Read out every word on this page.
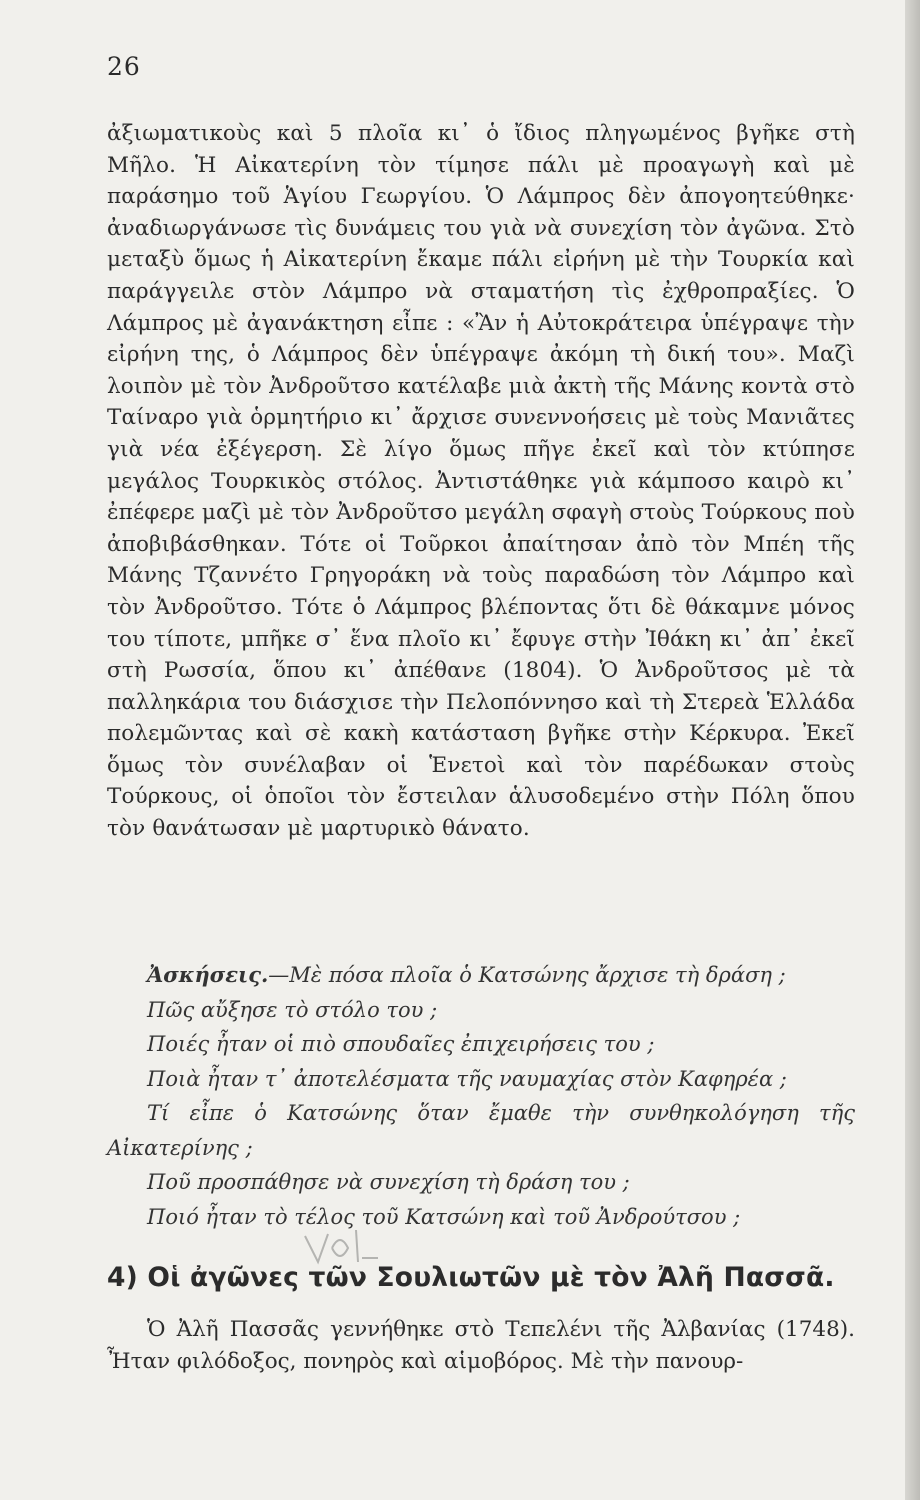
26

ἀξιωματικοὺς καὶ 5 πλοῖα κι᾿ ὁ ἴδιος πληγωμένος βγῆκε στὴ Μῆλο. Ἡ Αἰκατερίνη τὸν τίμησε πάλι μὲ προαγωγὴ καὶ μὲ παράσημο τοῦ Ἁγίου Γεωργίου. Ὁ Λάμπρος δὲν ἀπογοητεύθηκε· ἀναδιωργάνωσε τὶς δυνάμεις του γιὰ νὰ συνεχίση τὸν ἀγῶνα. Στὸ μεταξὺ ὅμως ἡ Αἰκατερίνη ἔκαμε πάλι εἰρήνη μὲ τὴν Τουρκία καὶ παράγγειλε στὸν Λάμπρο νὰ σταματήση τὶς ἐχθροπραξίες. Ὁ Λάμπρος μὲ ἀγανάκτηση εἶπε : «Ἂν ἡ Αὐτοκράτειρα ὑπέγραψε τὴν εἰρήνη της, ὁ Λάμπρος δὲν ὑπέγραψε ἀκόμη τὴ δική του». Μαζὶ λοιπὸν μὲ τὸν Ἀνδροῦτσο κατέλαβε μιὰ ἀκτὴ τῆς Μάνης κοντὰ στὸ Ταίναρο γιὰ ὁρμητήριο κι᾿ ἄρχισε συνεννοήσεις μὲ τοὺς Μανιᾶτες γιὰ νέα ἐξέγερση. Σὲ λίγο ὅμως πῆγε ἐκεῖ καὶ τὸν κτύπησε μεγάλος Τουρκικὸς στόλος. Ἀντιστάθηκε γιὰ κάμποσο καιρὸ κι᾿ ἐπέφερε μαζὶ μὲ τὸν Ἀνδροῦτσο μεγάλη σφαγὴ στοὺς Τούρκους ποὺ ἀποβιβάσθηκαν. Τότε οἱ Τοῦρκοι ἀπαίτησαν ἀπὸ τὸν Μπέη τῆς Μάνης Τζαννέτο Γρηγοράκη νὰ τοὺς παραδώση τὸν Λάμπρο καὶ τὸν Ἀνδροῦτσο. Τότε ὁ Λάμπρος βλέποντας ὅτι δὲ θάκαμνε μόνος του τίποτε, μπῆκε σ᾿ ἕνα πλοῖο κι᾿ ἔφυγε στὴν Ἰθάκη κι᾿ ἀπ᾿ ἐκεῖ στὴ Ρωσσία, ὅπου κι᾿ ἀπέθανε (1804). Ὁ Ἀνδροῦτσος μὲ τὰ παλληκάρια του διάσχισε τὴν Πελοπόννησο καὶ τὴ Στερεὰ Ἑλλάδα πολεμῶντας καὶ σὲ κακὴ κατάσταση βγῆκε στὴν Κέρκυρα. Ἐκεῖ ὅμως τὸν συνέλαβαν οἱ Ἑνετοὶ καὶ τὸν παρέδωκαν στοὺς Τούρκους, οἱ ὁποῖοι τὸν ἔστειλαν ἁλυσοδεμένο στὴν Πόλη ὅπου τὸν θανάτωσαν μὲ μαρτυρικὸ θάνατο.

Ἀσκήσεις.—Μὲ πόσα πλοῖα ὁ Κατσώνης ἄρχισε τὴ δράση ;

Πῶς αὔξησε τὸ στόλο του ;

Ποιές ἦταν οἱ πιὸ σπουδαῖες ἐπιχειρήσεις του ;

Ποιὰ ἦταν τ᾿ ἀποτελέσματα τῆς ναυμαχίας στὸν Καφηρέα ;

Τί εἶπε ὁ Κατσώνης ὅταν ἔμαθε τὴν συνθηκολόγηση τῆς Αἰκατερίνης ;

Ποῦ προσπάθησε νὰ συνεχίση τὴ δράση του ;

Ποιό ἦταν τὸ τέλος τοῦ Κατσώνη καὶ τοῦ Ἀνδρούτσου ;

4) Οἱ ἀγῶνες τῶν Σουλιωτῶν μὲ τὸν Ἀλῆ Πασσᾶ.

Ὁ Ἀλῆ Πασσᾶς γεννήθηκε στὸ Τεπελένι τῆς Ἀλβανίας (1748). Ἦταν φιλόδοξος, πονηρὸς καὶ αἱμοβόρος. Μὲ τὴν πανουρ-
